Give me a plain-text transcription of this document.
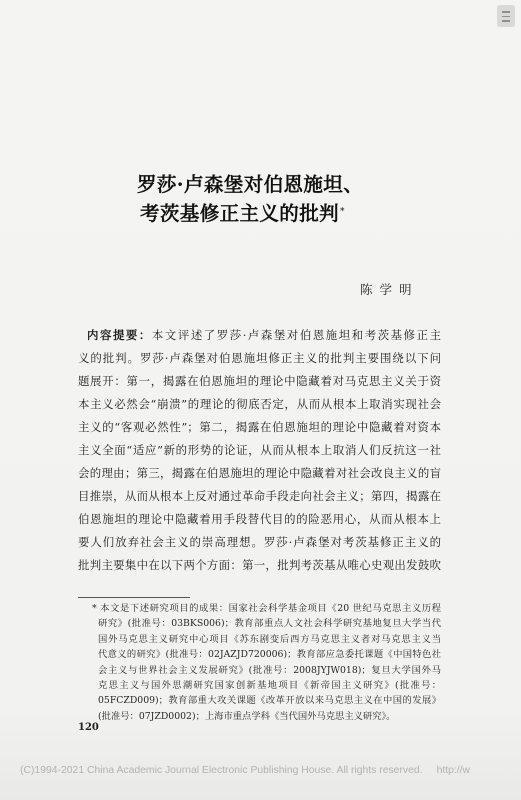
罗莎·卢森堡对伯恩施坦、
考茨基修正主义的批判*
陈 学 明
内容提要：本文评述了罗莎·卢森堡对伯恩施坦和考茨基修正主
义的批判。罗莎·卢森堡对伯恩施坦修正主义的批判主要围绕以下问
题展开：第一，揭露在伯恩施坦的理论中隐藏着对马克思主义关于资
本主义必然会“崩溃”的理论的彻底否定，从而从根本上取消实现社会
主义的“客观必然性”；第二，揭露在伯恩施坦的理论中隐藏着对资本
主义全面“适应”新的形势的论证，从而从根本上取消人们反抗这一社
会的理由；第三，揭露在伯恩施坦的理论中隐藏着对社会改良主义的盲
目推崇，从而从根本上反对通过革命手段走向社会主义；第四，揭露在
伯恩施坦的理论中隐藏着用手段替代目的的险恶用心，从而从根本上
要人们放弃社会主义的崇高理想。罗莎·卢森堡对考茨基修正主义的
批判主要集中在以下两个方面：第一，批判考茨基从唯心史观出发鼓吹
* 本文是下述研究项目的成果：国家社会科学基金项目《20 世纪马克思主义历程
研究》(批准号：03BKS006)；教育部重点人文社会科学研究基地复旦大学当代
国外马克思主义研究中心项目《苏东剧变后西方马克思主义者对马克思主义当
代意义的研究》(批准号：02JAZJD720006)；教育部应急委托课题《中国特色社
会主义与世界社会主义发展研究》(批准号：2008JYJW018)；复旦大学国外马
克思主义与国外思潮研究国家创新基地项目《新帝国主义研究》(批准号：
05FCZD009)；教育部重大攻关课题《改革开放以来马克思主义在中国的发展》
(批准号：07JZD0002)；上海市重点学科《当代国外马克思主义研究》。
120
(C)1994-2021 China Academic Journal Electronic Publishing House. All rights reserved. http://w
